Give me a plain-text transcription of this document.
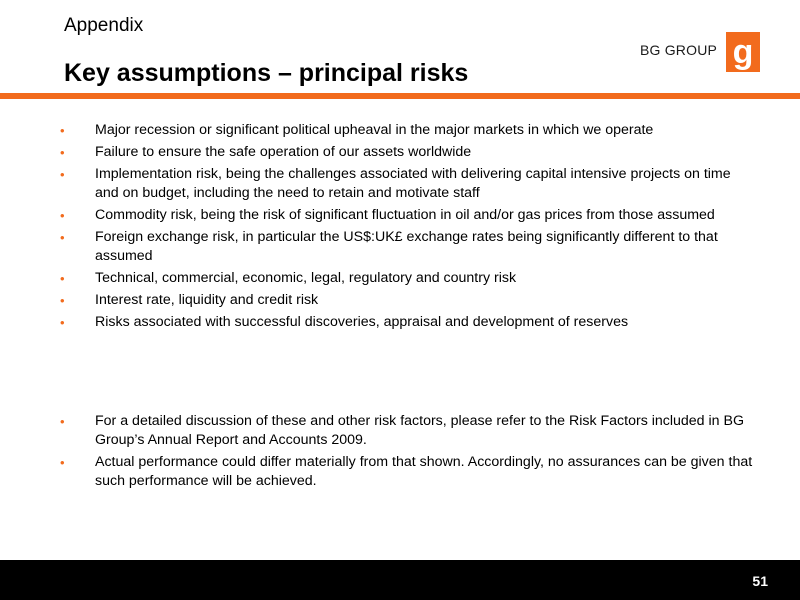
Appendix
Key assumptions – principal risks
BG GROUP g
• Major recession or significant political upheaval in the major markets in which we operate
• Failure to ensure the safe operation of our assets worldwide
• Implementation risk, being the challenges associated with delivering capital intensive projects on time and on budget, including the need to retain and motivate staff
• Commodity risk, being the risk of significant fluctuation in oil and/or gas prices from those assumed
• Foreign exchange risk, in particular the US$:UK£ exchange rates being significantly different to that assumed
• Technical, commercial, economic, legal, regulatory and country risk
• Interest rate, liquidity and credit risk
• Risks associated with successful discoveries, appraisal and development of reserves
• For a detailed discussion of these and other risk factors, please refer to the Risk Factors included in BG Group’s Annual Report and Accounts 2009.
• Actual performance could differ materially from that shown. Accordingly, no assurances can be given that such performance will be achieved.
51
